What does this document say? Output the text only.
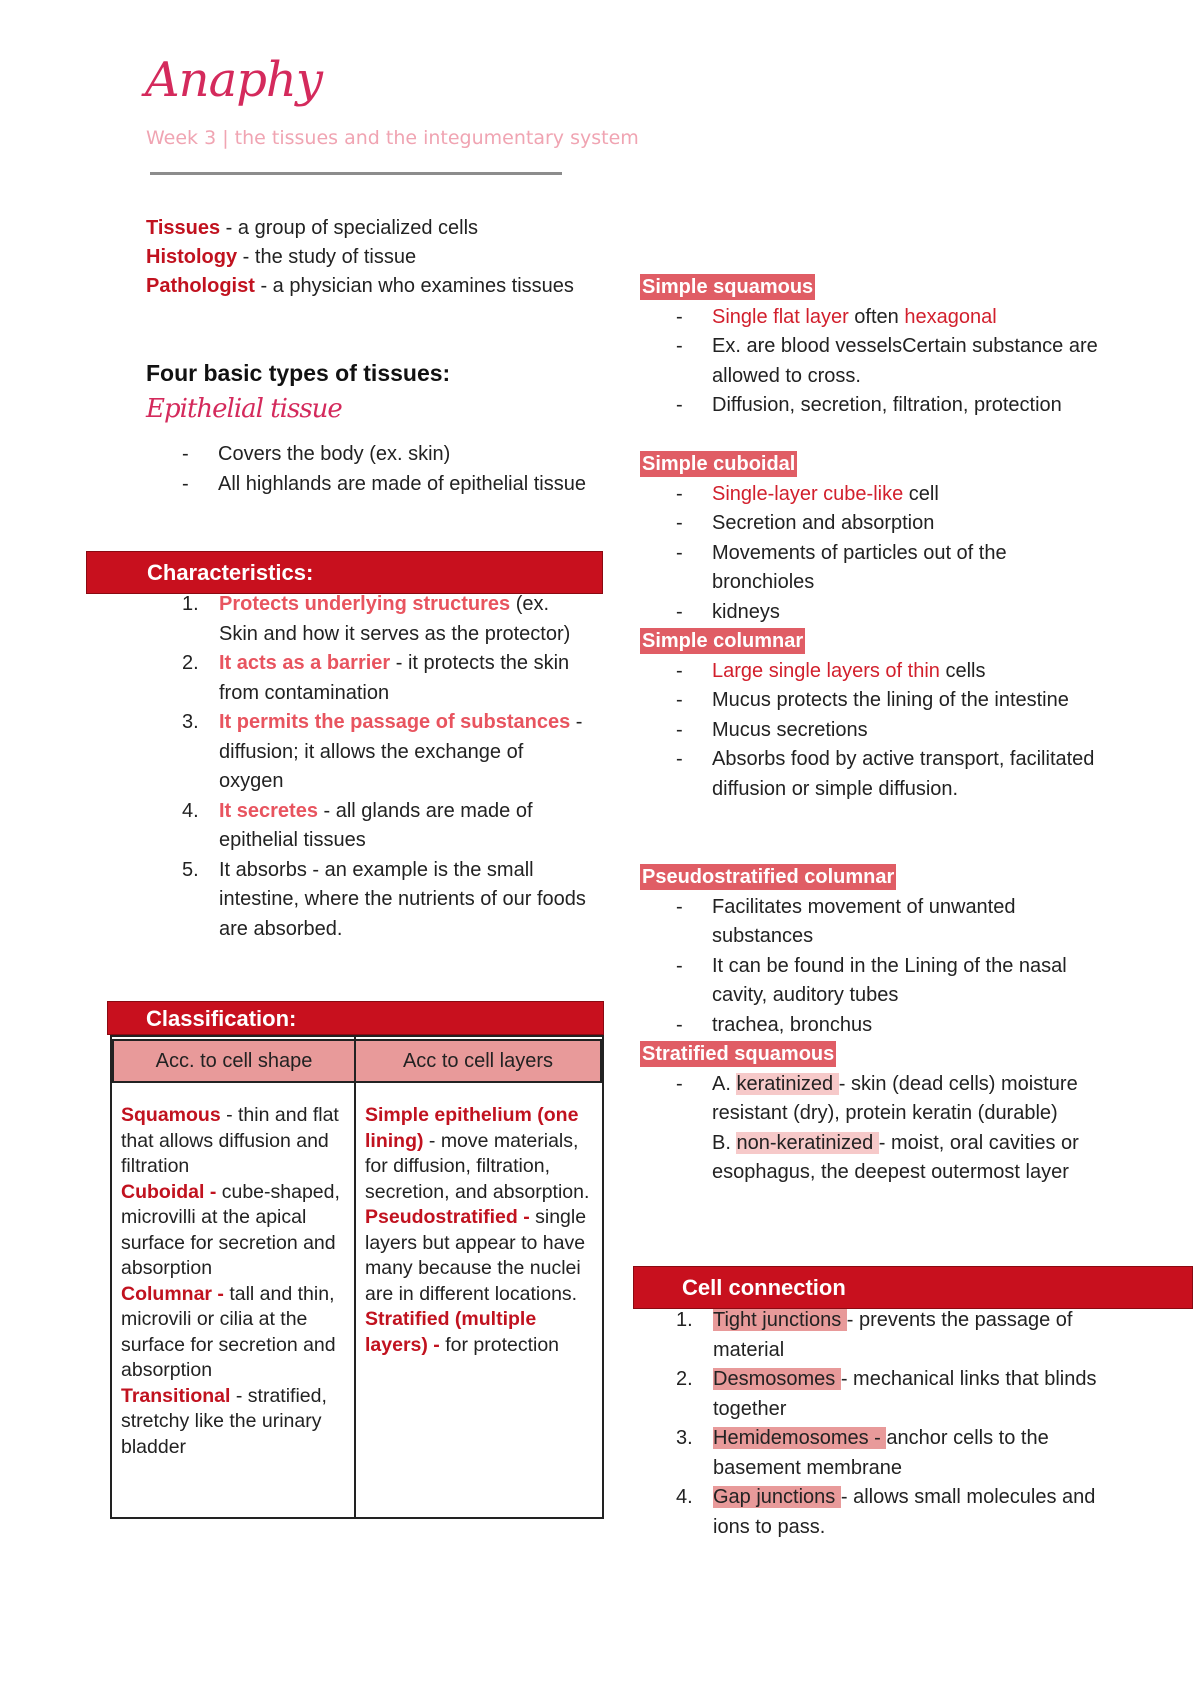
Anaphy
Week 3 | the tissues and the integumentary system
Tissues - a group of specialized cells
Histology - the study of tissue
Pathologist - a physician who examines tissues
Four basic types of tissues:
Epithelial tissue
- Covers the body (ex. skin)
- All highlands are made of epithelial tissue
Characteristics:
1. Protects underlying structures (ex. Skin and how it serves as the protector)
2. It acts as a barrier - it protects the skin from contamination
3. It permits the passage of substances - diffusion; it allows the exchange of oxygen
4. It secretes - all glands are made of epithelial tissues
5. It absorbs - an example is the small intestine, where the nutrients of our foods are absorbed.
Classification:
Acc. to cell shape	Acc to cell layers
Squamous - thin and flat that allows diffusion and filtration
Cuboidal - cube-shaped, microvilli at the apical surface for secretion and absorption
Columnar - tall and thin, microvili or cilia at the surface for secretion and absorption
Transitional - stratified, stretchy like the urinary bladder
Simple epithelium (one lining) - move materials, for diffusion, filtration, secretion, and absorption.
Pseudostratified - single layers but appear to have many because the nuclei are in different locations.
Stratified (multiple layers) - for protection
Simple squamous
- Single flat layer often hexagonal
- Ex. are blood vesselsCertain substance are allowed to cross.
- Diffusion, secretion, filtration, protection
Simple cuboidal
- Single-layer cube-like cell
- Secretion and absorption
- Movements of particles out of the bronchioles
- kidneys
Simple columnar
- Large single layers of thin cells
- Mucus protects the lining of the intestine
- Mucus secretions
- Absorbs food by active transport, facilitated diffusion or simple diffusion.
Pseudostratified columnar
- Facilitates movement of unwanted substances
- It can be found in the Lining of the nasal cavity, auditory tubes
- trachea, bronchus
Stratified squamous
- A. keratinized - skin (dead cells) moisture resistant (dry), protein keratin (durable)
B. non-keratinized - moist, oral cavities or esophagus, the deepest outermost layer
Cell connection
1. Tight junctions - prevents the passage of material
2. Desmosomes - mechanical links that blinds together
3. Hemidemosomes - anchor cells to the basement membrane
4. Gap junctions - allows small molecules and ions to pass.
